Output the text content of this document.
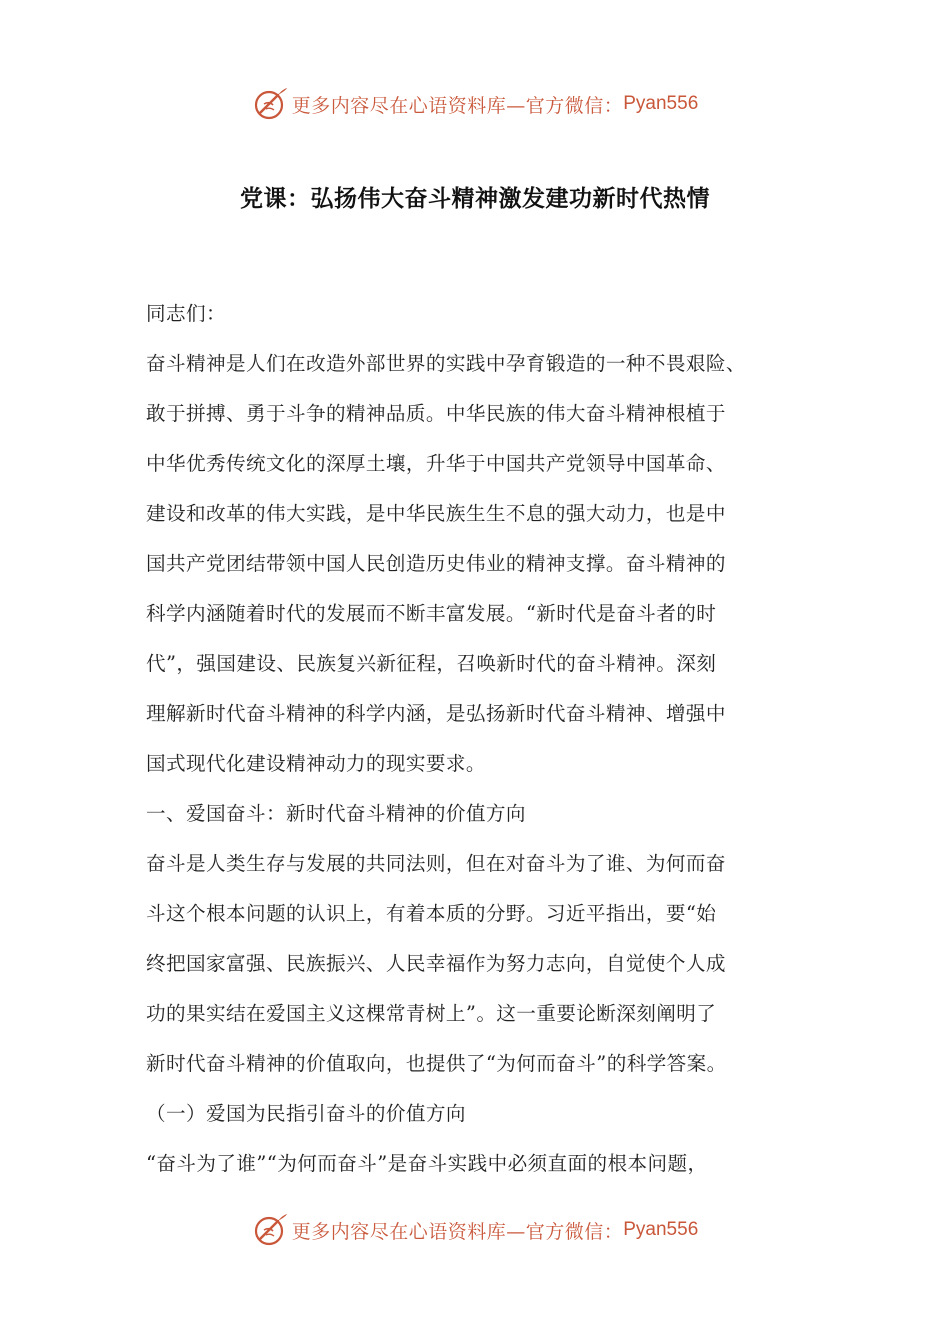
更多内容尽在心语资料库—官方微信： Pyan556
党课：弘扬伟大奋斗精神激发建功新时代热情
同志们：
奋斗精神是人们在改造外部世界的实践中孕育锻造的一种不畏艰险、
敢于拼搏、勇于斗争的精神品质。中华民族的伟大奋斗精神根植于
中华优秀传统文化的深厚土壤，升华于中国共产党领导中国革命、
建设和改革的伟大实践，是中华民族生生不息的强大动力，也是中
国共产党团结带领中国人民创造历史伟业的精神支撑。奋斗精神的
科学内涵随着时代的发展而不断丰富发展。“新时代是奋斗者的时
代”，强国建设、民族复兴新征程，召唤新时代的奋斗精神。深刻
理解新时代奋斗精神的科学内涵，是弘扬新时代奋斗精神、增强中
国式现代化建设精神动力的现实要求。
一、爱国奋斗：新时代奋斗精神的价值方向
奋斗是人类生存与发展的共同法则，但在对奋斗为了谁、为何而奋
斗这个根本问题的认识上，有着本质的分野。习近平指出，要“始
终把国家富强、民族振兴、人民幸福作为努力志向，自觉使个人成
功的果实结在爱国主义这棵常青树上”。这一重要论断深刻阐明了
新时代奋斗精神的价值取向，也提供了“为何而奋斗”的科学答案。
（一）爱国为民指引奋斗的价值方向
“奋斗为了谁”“为何而奋斗”是奋斗实践中必须直面的根本问题，
更多内容尽在心语资料库—官方微信： Pyan556
